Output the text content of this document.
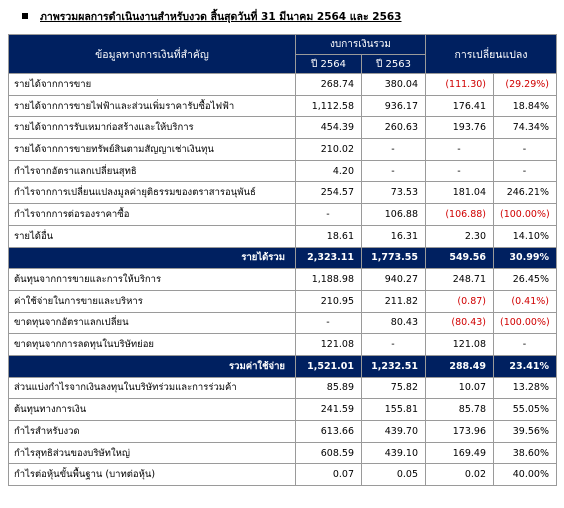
ภาพรวมผลการดำเนินงานสำหรับงวด สิ้นสุดวันที่ 31 มีนาคม 2564 และ 2563
ข้อมูลทางการเงินที่สำคัญ	งบการเงินรวม		การเปลี่ยนแปลง	
	ปี 2564	ปี 2563		
รายได้จากการขาย	268.74	380.04	(111.30)	(29.29%)
รายได้จากการขายไฟฟ้าและส่วนเพิ่มราคารับซื้อไฟฟ้า	1,112.58	936.17	176.41	18.84%
รายได้จากการรับเหมาก่อสร้างและให้บริการ	454.39	260.63	193.76	74.34%
รายได้จากการขายทรัพย์สินตามสัญญาเช่าเงินทุน	210.02	-	-	-
กำไรจากอัตราแลกเปลี่ยนสุทธิ	4.20	-	-	-
กำไรจากการเปลี่ยนแปลงมูลค่ายุติธรรมของตราสารอนุพันธ์	254.57	73.53	181.04	246.21%
กำไรจากการต่อรองราคาซื้อ	-	106.88	(106.88)	(100.00%)
รายได้อื่น	18.61	16.31	2.30	14.10%
รายได้รวม	2,323.11	1,773.55	549.56	30.99%
ต้นทุนจากการขายและการให้บริการ	1,188.98	940.27	248.71	26.45%
ค่าใช้จ่ายในการขายและบริหาร	210.95	211.82	(0.87)	(0.41%)
ขาดทุนจากอัตราแลกเปลี่ยน	-	80.43	(80.43)	(100.00%)
ขาดทุนจากการลดทุนในบริษัทย่อย	121.08	-	121.08	-
รวมค่าใช้จ่าย	1,521.01	1,232.51	288.49	23.41%
ส่วนแบ่งกำไรจากเงินลงทุนในบริษัทร่วมและการร่วมค้า	85.89	75.82	10.07	13.28%
ต้นทุนทางการเงิน	241.59	155.81	85.78	55.05%
กำไรสำหรับงวด	613.66	439.70	173.96	39.56%
กำไรสุทธิส่วนของบริษัทใหญ่	608.59	439.10	169.49	38.60%
กำไรต่อหุ้นขั้นพื้นฐาน (บาทต่อหุ้น)	0.07	0.05	0.02	40.00%
